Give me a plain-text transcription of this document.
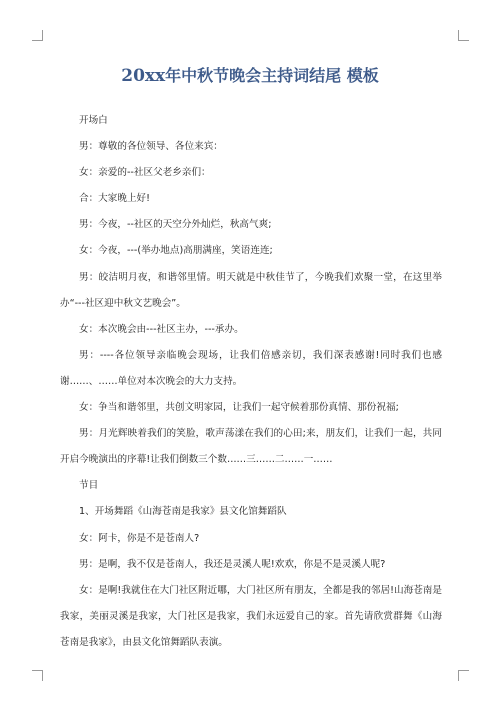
20xx年中秋节晚会主持词结尾 模板

开场白

男：尊敬的各位领导、各位来宾：

女：亲爱的--社区父老乡亲们：

合：大家晚上好!

男：今夜，--社区的天空分外灿烂，秋高气爽;

女：今夜，---(举办地点)高朋满座，笑语连连;

男：皎洁明月夜，和谐邻里情。明天就是中秋佳节了，今晚我们欢聚一堂，在这里举办“---社区迎中秋文艺晚会”。

女：本次晚会由---社区主办，---承办。

男：----各位领导亲临晚会现场，让我们倍感亲切，我们深表感谢!同时我们也感谢……、……单位对本次晚会的大力支持。

女：争当和谐邻里，共创文明家园，让我们一起守候着那份真情、那份祝福;

男：月光辉映着我们的笑脸，歌声荡漾在我们的心田;来，朋友们，让我们一起，共同开启今晚演出的序幕!让我们倒数三个数……三……二……一……

节目

1、开场舞蹈《山海苍南是我家》县文化馆舞蹈队

女：阿卡，你是不是苍南人?

男：是啊，我不仅是苍南人，我还是灵溪人呢!欢欢，你是不是灵溪人呢?

女：是啊!我就住在大门社区附近哪，大门社区所有朋友，全都是我的邻居!山海苍南是我家，美丽灵溪是我家，大门社区是我家，我们永远爱自己的家。首先请欣赏群舞《山海苍南是我家》，由县文化馆舞蹈队表演。
